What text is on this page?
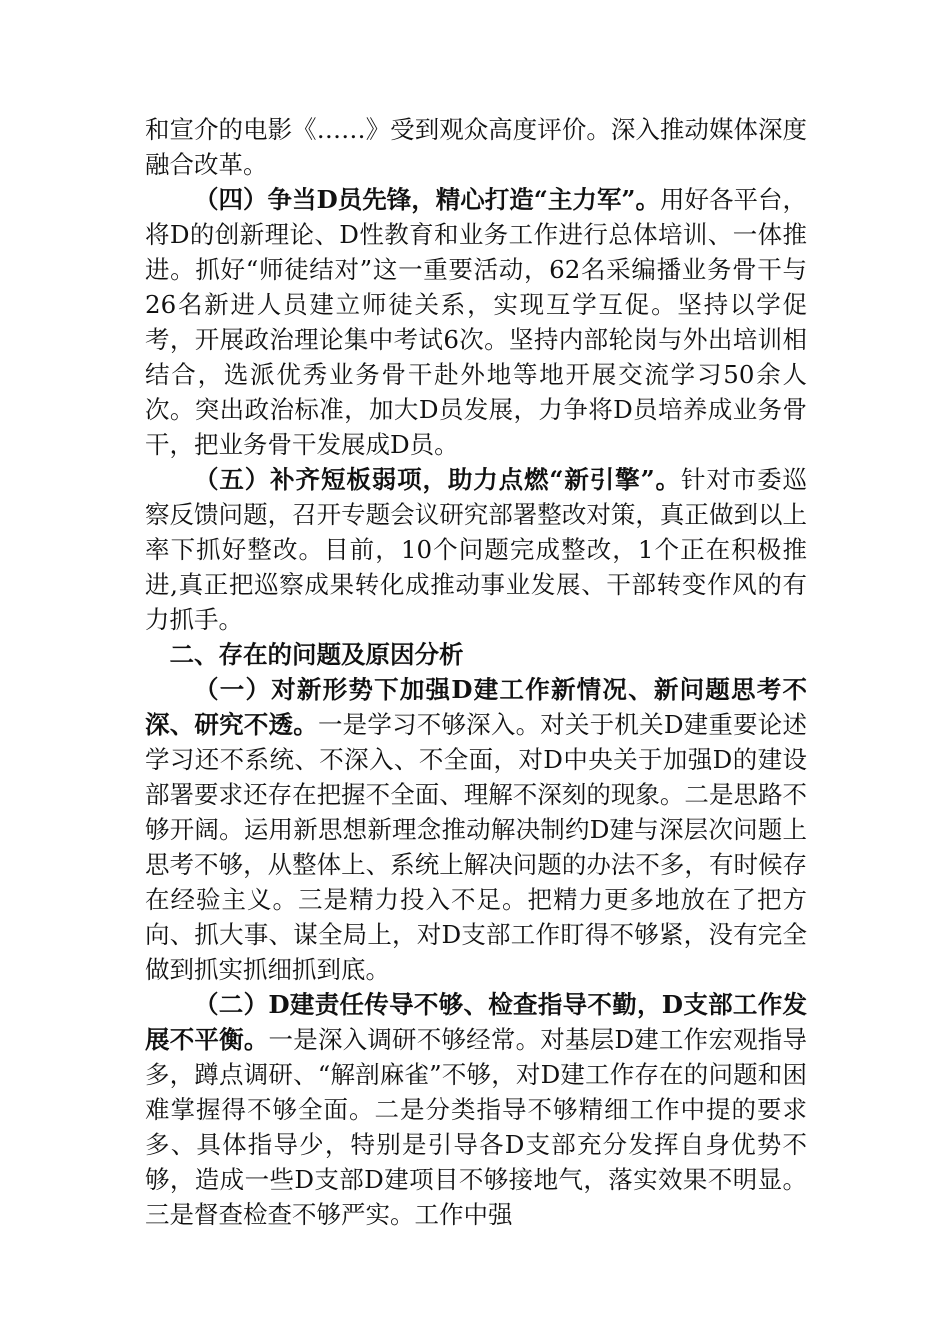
和宣介的电影《……》受到观众高度评价。深入推动媒体深度融合改革。

（四）争当D员先锋，精心打造“主力军”。用好各平台，将D的创新理论、D性教育和业务工作进行总体培训、一体推进。抓好“师徒结对”这一重要活动，62名采编播业务骨干与26名新进人员建立师徒关系，实现互学互促。坚持以学促考，开展政治理论集中考试6次。坚持内部轮岗与外出培训相结合，选派优秀业务骨干赴外地等地开展交流学习50余人次。突出政治标准，加大D员发展，力争将D员培养成业务骨干，把业务骨干发展成D员。

（五）补齐短板弱项，助力点燃“新引擎”。针对市委巡察反馈问题，召开专题会议研究部署整改对策，真正做到以上率下抓好整改。目前，10个问题完成整改，1个正在积极推进,真正把巡察成果转化成推动事业发展、干部转变作风的有力抓手。

二、存在的问题及原因分析

（一）对新形势下加强D建工作新情况、新问题思考不深、研究不透。一是学习不够深入。对关于机关D建重要论述学习还不系统、不深入、不全面，对D中央关于加强D的建设部署要求还存在把握不全面、理解不深刻的现象。二是思路不够开阔。运用新思想新理念推动解决制约D建与深层次问题上思考不够，从整体上、系统上解决问题的办法不多，有时候存在经验主义。三是精力投入不足。把精力更多地放在了把方向、抓大事、谋全局上，对D支部工作盯得不够紧，没有完全做到抓实抓细抓到底。

（二）D建责任传导不够、检查指导不勤，D支部工作发展不平衡。一是深入调研不够经常。对基层D建工作宏观指导多，蹲点调研、“解剖麻雀”不够，对D建工作存在的问题和困难掌握得不够全面。二是分类指导不够精细工作中提的要求多、具体指导少，特别是引导各D支部充分发挥自身优势不够，造成一些D支部D建项目不够接地气，落实效果不明显。三是督查检查不够严实。工作中强
